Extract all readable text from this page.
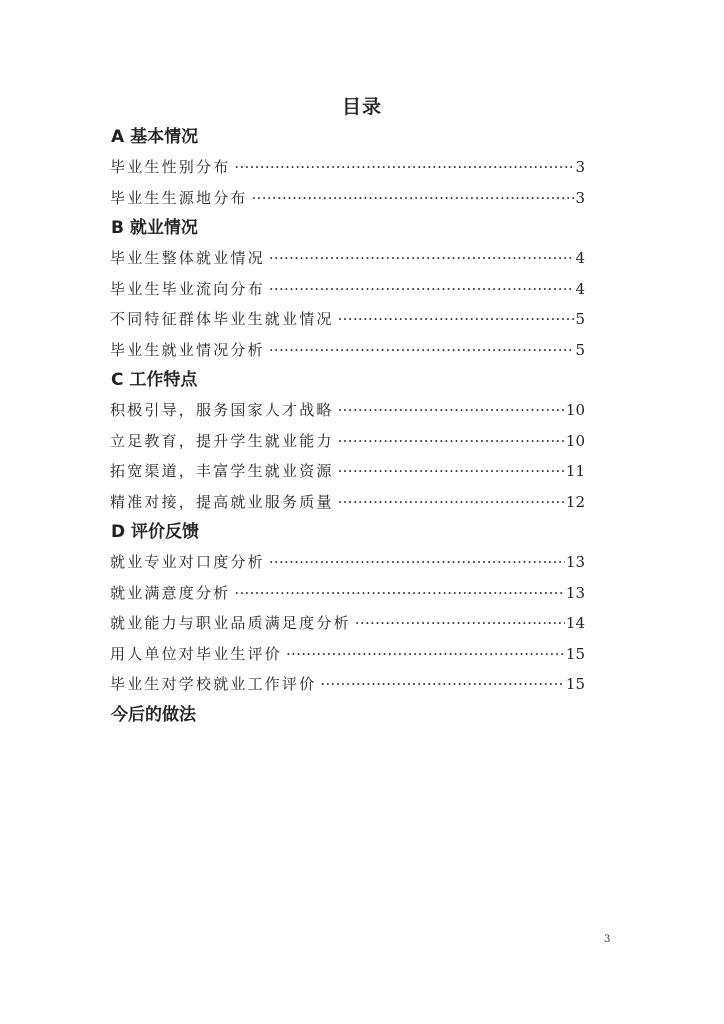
目录
A 基本情况
毕业生性别分布 ·····	3
毕业生生源地分布 ·····	3
B 就业情况
毕业生整体就业情况 ·····	4
毕业生毕业流向分布 ·····	4
不同特征群体毕业生就业情况 ·····	5
毕业生就业情况分析 ·····	5
C 工作特点
积极引导，服务国家人才战略 ·····	10
立足教育，提升学生就业能力 ·····	10
拓宽渠道，丰富学生就业资源 ·····	11
精准对接，提高就业服务质量 ·····	12
D 评价反馈
就业专业对口度分析 ·····	13
就业满意度分析 ·····	13
就业能力与职业品质满足度分析 ·····	14
用人单位对毕业生评价 ·····	15
毕业生对学校就业工作评价 ·····	15
今后的做法
3
